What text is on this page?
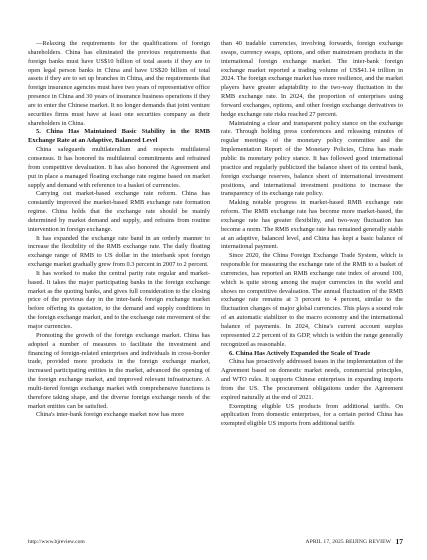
—Relaxing the requirements for the qualifications of foreign shareholders. China has eliminated the previous requirements that foreign banks must have US$10 billion of total assets if they are to open legal person banks in China and have US$20 billion of total assets if they are to set up branches in China, and the requirements that foreign insurance agencies must have two years of representative office presence in China and 30 years of insurance business operations if they are to enter the Chinese market. It no longer demands that joint venture securities firms must have at least one securities company as their shareholders in China.

5. China Has Maintained Basic Stability in the RMB Exchange Rate at an Adaptive, Balanced Level

China safeguards multilateralism and respects multilateral consensus. It has honored its multilateral commitments and refrained from competitive devaluation. It has also honored the Agreement and put in place a managed floating exchange rate regime based on market supply and demand with reference to a basket of currencies.

Carrying out market-based exchange rate reform. China has constantly improved the market-based RMB exchange rate formation regime. China holds that the exchange rate should be mainly determined by market demand and supply, and refrains from routine intervention in foreign exchange.

It has expanded the exchange rate band in an orderly manner to increase the flexibility of the RMB exchange rate. The daily floating exchange range of RMB to US dollar in the interbank spot foreign exchange market gradually grew from 0.3 percent in 2007 to 2 percent.

It has worked to make the central parity rate regular and market-based. It takes the major participating banks in the foreign exchange market as the quoting banks, and gives full consideration to the closing price of the previous day in the inter-bank foreign exchange market before offering its quotation, to the demand and supply conditions in the foreign exchange market, and to the exchange rate movement of the major currencies.

Promoting the growth of the foreign exchange market. China has adopted a number of measures to facilitate the investment and financing of foreign-related enterprises and individuals in cross-border trade, provided more products in the foreign exchange market, increased participating entities in the market, advanced the opening of the foreign exchange market, and improved relevant infrastructure. A multi-tiered foreign exchange market with comprehensive functions is therefore taking shape, and the diverse foreign exchange needs of the market entities can be satisfied.

China's inter-bank foreign exchange market now has more

than 40 tradable currencies, involving forwards, foreign exchange swaps, currency swaps, options, and other mainstream products in the international foreign exchange market. The inter-bank foreign exchange market reported a trading volume of US$41.14 trillion in 2024. The foreign exchange market has more resilience, and the market players have greater adaptability to the two-way fluctuation in the RMB exchange rate. In 2024, the proportion of enterprises using forward exchanges, options, and other foreign exchange derivatives to hedge exchange rate risks reached 27 percent.

Maintaining a clear and transparent policy stance on the exchange rate. Through holding press conferences and releasing minutes of regular meetings of the monetary policy committee and the Implementation Report of the Monetary Policies, China has made public its monetary policy stance. It has followed good international practice and regularly publicized the balance sheet of its central bank, foreign exchange reserves, balance sheet of international investment positions, and international investment positions to increase the transparency of its exchange rate policy.

Making notable progress in market-based RMB exchange rate reform. The RMB exchange rate has become more market-based, the exchange rate has greater flexibility, and two-way fluctuation has become a norm. The RMB exchange rate has remained generally stable at an adaptive, balanced level, and China has kept a basic balance of international payment.

Since 2020, the China Foreign Exchange Trade System, which is responsible for measuring the exchange rate of the RMB to a basket of currencies, has reported an RMB exchange rate index of around 100, which is quite strong among the major currencies in the world and shows no competitive devaluation. The annual fluctuation of the RMB exchange rate remains at 3 percent to 4 percent, similar to the fluctuation changes of major global currencies. This plays a sound role of an automatic stabilizer to the macro economy and the international balance of payments. In 2024, China's current account surplus represented 2.2 percent of its GDP, which is within the range generally recognized as reasonable.

6. China Has Actively Expanded the Scale of Trade

China has proactively addressed issues in the implementation of the Agreement based on domestic market needs, commercial principles, and WTO rules. It supports Chinese enterprises in expanding imports from the US. The procurement obligations under the Agreement expired naturally at the end of 2021.

Exempting eligible US products from additional tariffs. On application from domestic enterprises, for a certain period China has exempted eligible US imports from additional tariffs

http://www.bjreview.com	APRIL 17, 2025 BEIJING REVIEW 17
